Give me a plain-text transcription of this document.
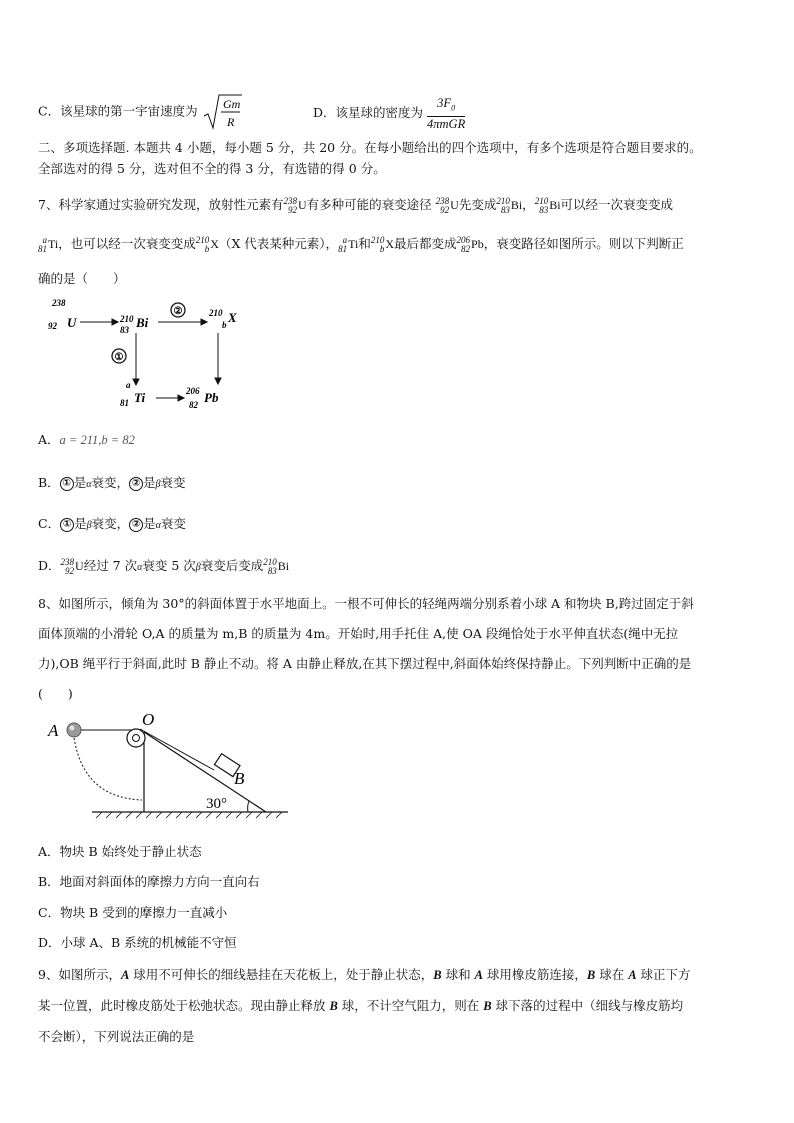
C．该星球的第一宇宙速度为 Gm
R
D．该星球的密度为 $\frac{3F_0}{\text{4πmGR}}$
二、多项选择题. 本题共 4 小题，每小题 5 分，共 20 分。在每小题给出的四个选项中，有多个选项是符合题目要求的。
全部选对的得 5 分，选对但不全的得 3 分，有选错的得 0 分。
7、科学家通过实验研究发现，放射性元素有 238
92 U有多种可能的衰变途径 238
92 U先变成 210
83 Bi， 210
83 Bi可以经一次衰变变成
a
81 Ti，也可以经一次衰变变成 210
b X（X 代表某种元素）， a
81 Ti和 210
b X最后都变成 206
82 Pb，衰变路径如图所示。则以下判断正
确的是（　　）
238
92 U	210
83 Bi
210
b X
a
81 Ti	206
82 Pb
②
①
A．a = 211,b = 82
B． ① 是α衰变， ② 是β衰变
C． ① 是β衰变， ② 是α衰变
D． 238
92 U经过 7 次α衰变 5 次β衰变后变成 210
83 Bi
8、如图所示，倾角为 30°的斜面体置于水平地面上。一根不可伸长的轻绳两端分别系着小球 A 和物块 B,跨过固定于斜
面体顶端的小滑轮 O,A 的质量为 m,B 的质量为 4m。开始时,用手托住 A,使 OA 段绳恰处于水平伸直状态(绳中无拉
力),OB 绳平行于斜面,此时 B 静止不动。将 A 由静止释放,在其下摆过程中,斜面体始终保持静止。下列判断中正确的是
(　　)
A
O
B
30°
A．物块 B 始终处于静止状态
B．地面对斜面体的摩擦力方向一直向右
C．物块 B 受到的摩擦力一直减小
D．小球 A、B 系统的机械能不守恒
9、如图所示，A 球用不可伸长的细线悬挂在天花板上，处于静止状态，B 球和 A 球用橡皮筋连接，B 球在 A 球正下方
某一位置，此时橡皮筋处于松弛状态。现由静止释放 B 球，不计空气阻力，则在 B 球下落的过程中（细线与橡皮筋均
不会断），下列说法正确的是
